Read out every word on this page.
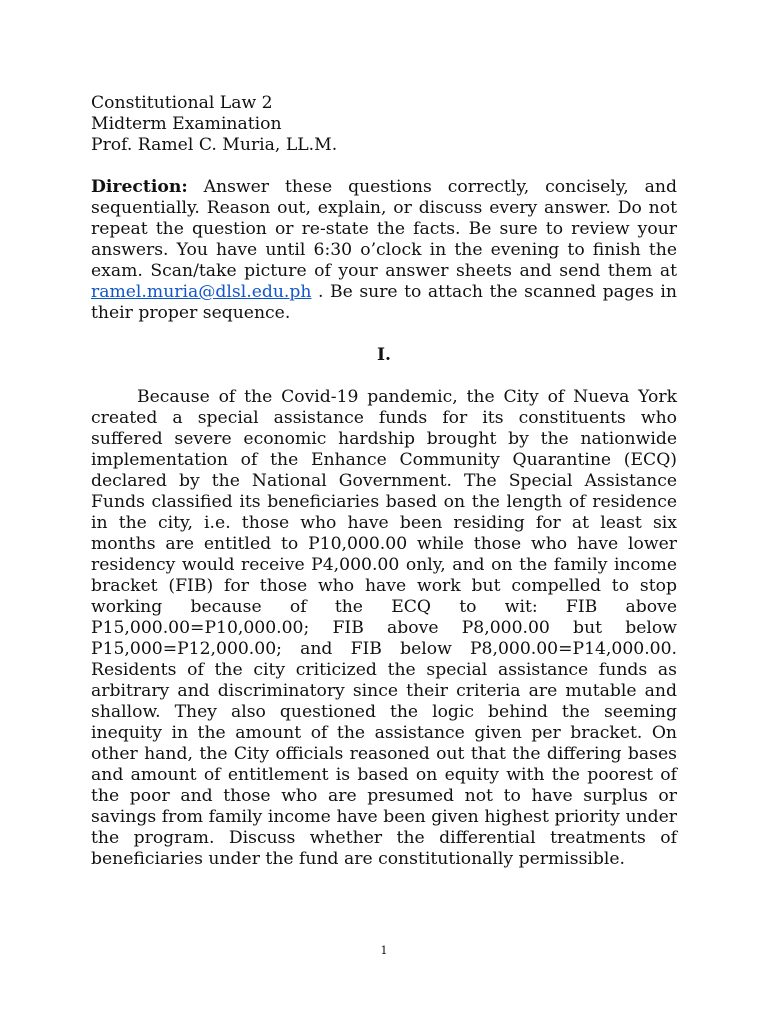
Constitutional Law 2
Midterm Examination
Prof. Ramel C. Muria, LL.M.
Direction: Answer these questions correctly, concisely, and sequentially. Reason out, explain, or discuss every answer. Do not repeat the question or re-state the facts. Be sure to review your answers. You have until 6:30 o’clock in the evening to finish the exam. Scan/take picture of your answer sheets and send them at ramel.muria@dlsl.edu.ph . Be sure to attach the scanned pages in their proper sequence.
I.
Because of the Covid-19 pandemic, the City of Nueva York created a special assistance funds for its constituents who suffered severe economic hardship brought by the nationwide implementation of the Enhance Community Quarantine (ECQ) declared by the National Government. The Special Assistance Funds classified its beneficiaries based on the length of residence in the city, i.e. those who have been residing for at least six months are entitled to P10,000.00 while those who have lower residency would receive P4,000.00 only, and on the family income bracket (FIB) for those who have work but compelled to stop working because of the ECQ to wit: FIB above P15,000.00=P10,000.00; FIB above P8,000.00 but below P15,000=P12,000.00; and FIB below P8,000.00=P14,000.00. Residents of the city criticized the special assistance funds as arbitrary and discriminatory since their criteria are mutable and shallow. They also questioned the logic behind the seeming inequity in the amount of the assistance given per bracket. On other hand, the City officials reasoned out that the differing bases and amount of entitlement is based on equity with the poorest of the poor and those who are presumed not to have surplus or savings from family income have been given highest priority under the program. Discuss whether the differential treatments of beneficiaries under the fund are constitutionally permissible.
1
